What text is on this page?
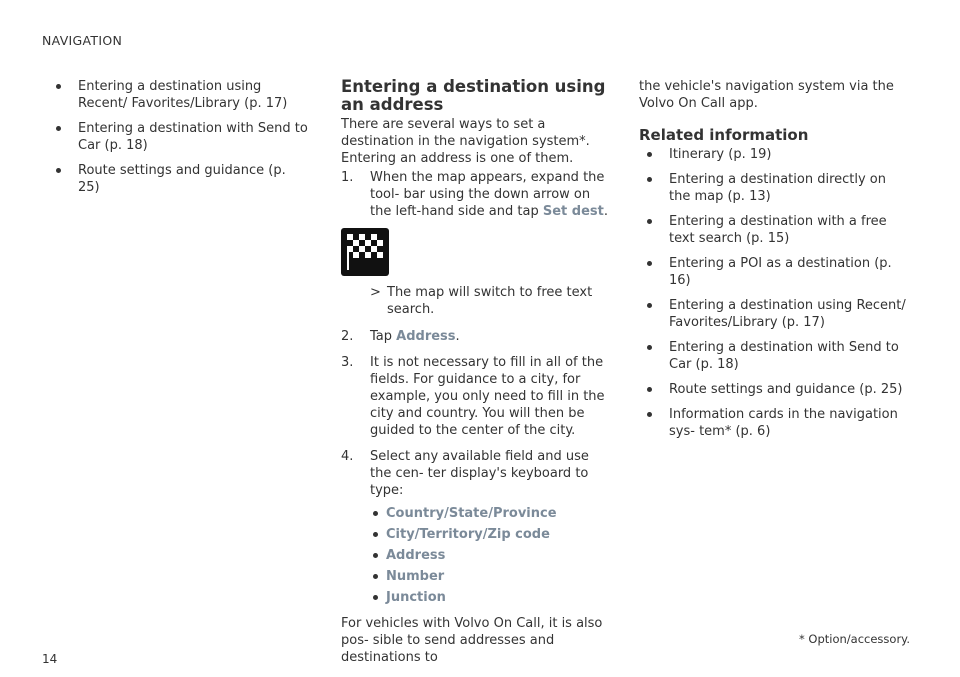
NAVIGATION
Entering a destination using Recent/ Favorites/Library (p. 17)
Entering a destination with Send to Car (p. 18)
Route settings and guidance (p. 25)
Entering a destination using an address

There are several ways to set a destination in the navigation system*. Entering an address is one of them.

1. When the map appears, expand the tool- bar using the down arrow on the left-hand side and tap Set dest.
> The map will switch to free text search.
2. Tap Address.
3. It is not necessary to fill in all of the fields. For guidance to a city, for example, you only need to fill in the city and country. You will then be guided to the center of the city.
4. Select any available field and use the cen- ter display's keyboard to type:
Country/State/Province
City/Territory/Zip code
Address
Number
Junction

For vehicles with Volvo On Call, it is also pos- sible to send addresses and destinations to

the vehicle's navigation system via the Volvo On Call app.

Related information
Itinerary (p. 19)
Entering a destination directly on the map (p. 13)
Entering a destination with a free text search (p. 15)
Entering a POI as a destination (p. 16)
Entering a destination using Recent/ Favorites/Library (p. 17)
Entering a destination with Send to Car (p. 18)
Route settings and guidance (p. 25)
Information cards in the navigation sys- tem* (p. 6)
* Option/accessory.
14
